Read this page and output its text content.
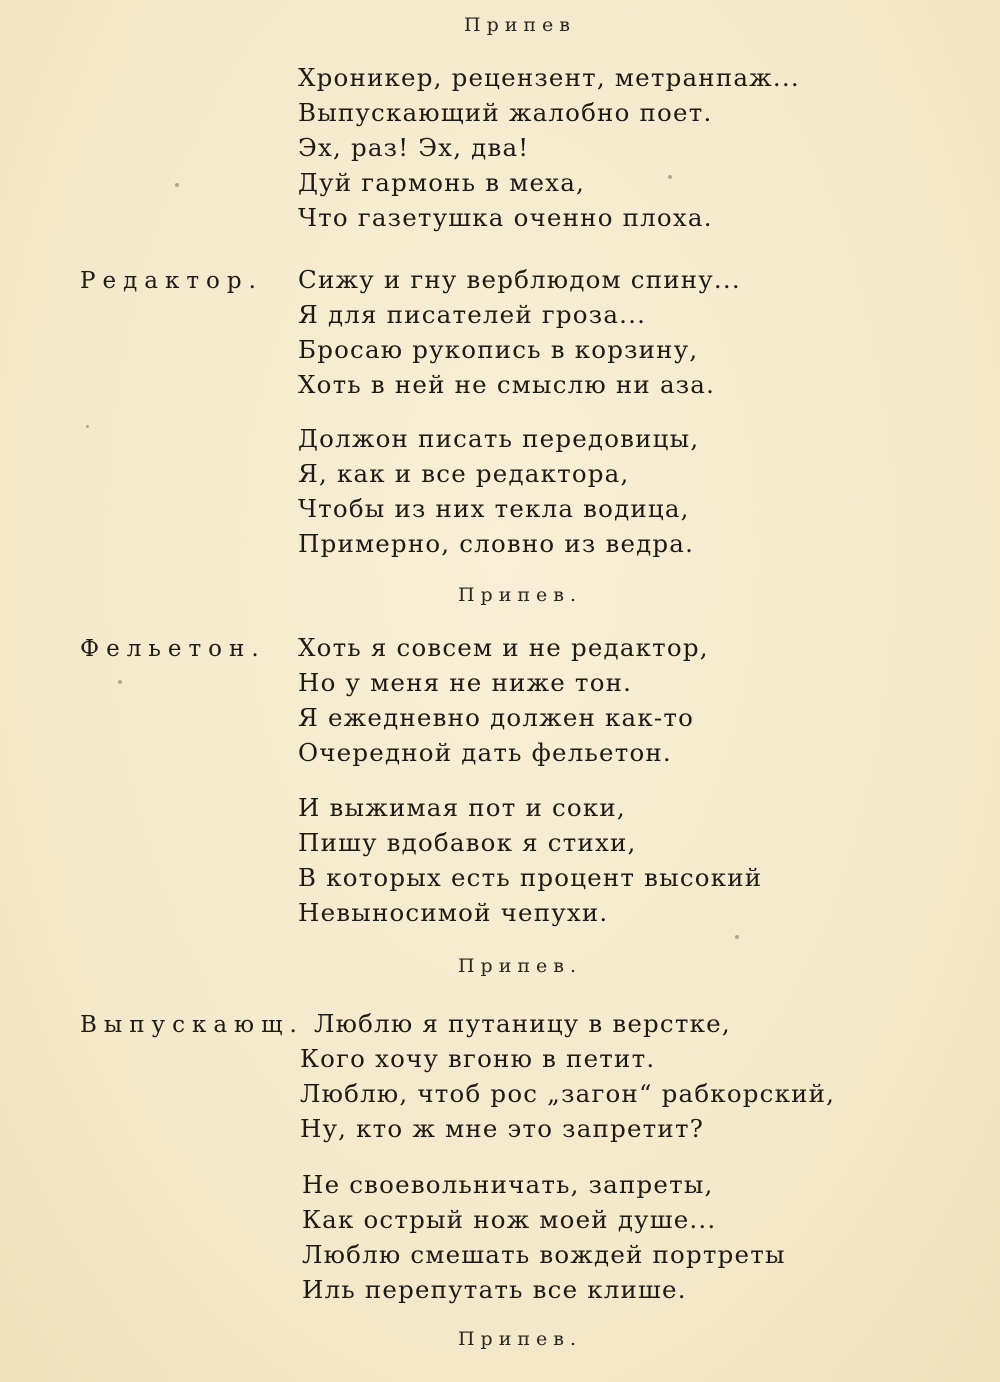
Припев
Хроникер, рецензент, метранпаж...
Выпускающий жалобно поет.
Эх, раз! Эх, два!
Дуй гармонь в меха,
Что газетушка оченно плоха.
Редактор. Сижу и гну верблюдом спину...
Я для писателей гроза...
Бросаю рукопись в корзину,
Хоть в ней не смыслю ни аза.
Должон писать передовицы,
Я, как и все редактора,
Чтобы из них текла водица,
Примерно, словно из ведра.
Припев.
Фельетон. Хоть я совсем и не редактор,
Но у меня не ниже тон.
Я ежедневно должен как-то
Очередной дать фельетон.
И выжимая пот и соки,
Пишу вдобавок я стихи,
В которых есть процент высокий
Невыносимой чепухи.
Припев.
Выпускающ. Люблю я путаницу в верстке,
Кого хочу вгоню в петит.
Люблю, чтоб рос „загон“ рабкорский,
Ну, кто ж мне это запретит?
Не своевольничать, запреты,
Как острый нож моей душе...
Люблю смешать вождей портреты
Иль перепутать все клише.
Припев.
